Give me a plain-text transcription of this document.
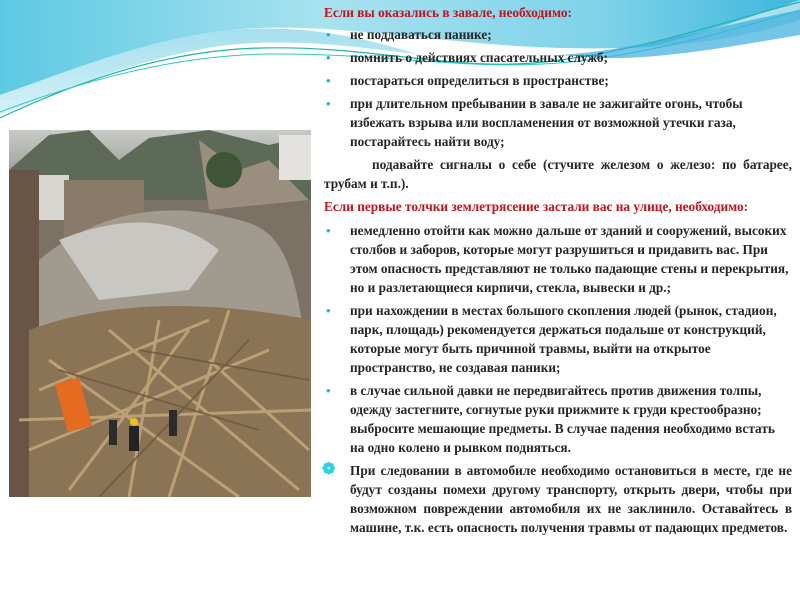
Если вы оказались в завале, необходимо:

• не поддаваться панике;
• помнить о действиях спасательных служб;
• постараться определиться в пространстве;
• при длительном пребывании в завале не зажигайте огонь, чтобы избежать взрыва или воспламенения от возможной утечки газа, постарайтесь найти воду;

подавайте сигналы о себе (стучите железом о железо: по батарее, трубам и т.п.).

Если первые толчки землетрясение застали вас на улице, необходимо:

• немедленно отойти как можно дальше от зданий и сооружений, высоких столбов и заборов, которые могут разрушиться и придавить вас. При этом опасность представляют не только падающие стены и перекрытия, но и разлетающиеся кирпичи, стекла, вывески и др.;
• при нахождении в местах большого скопления людей (рынок, стадион, парк, площадь) рекомендуется держаться подальше от конструкций, которые могут быть причиной травмы, выйти на открытое пространство, не создавая паники;
• в случае сильной давки не передвигайтесь против движения толпы, одежду застегните, согнутые руки прижмите к груди крестообразно; выбросите мешающие предметы. В случае падения необходимо встать на одно колено и рывком подняться.
❁ При следовании в автомобиле необходимо остановиться в месте, где не будут созданы помехи другому транспорту, открыть двери, чтобы при возможном повреждении автомобиля их не заклинило. Оставайтесь в машине, т.к. есть опасность получения травмы от падающих предметов.
